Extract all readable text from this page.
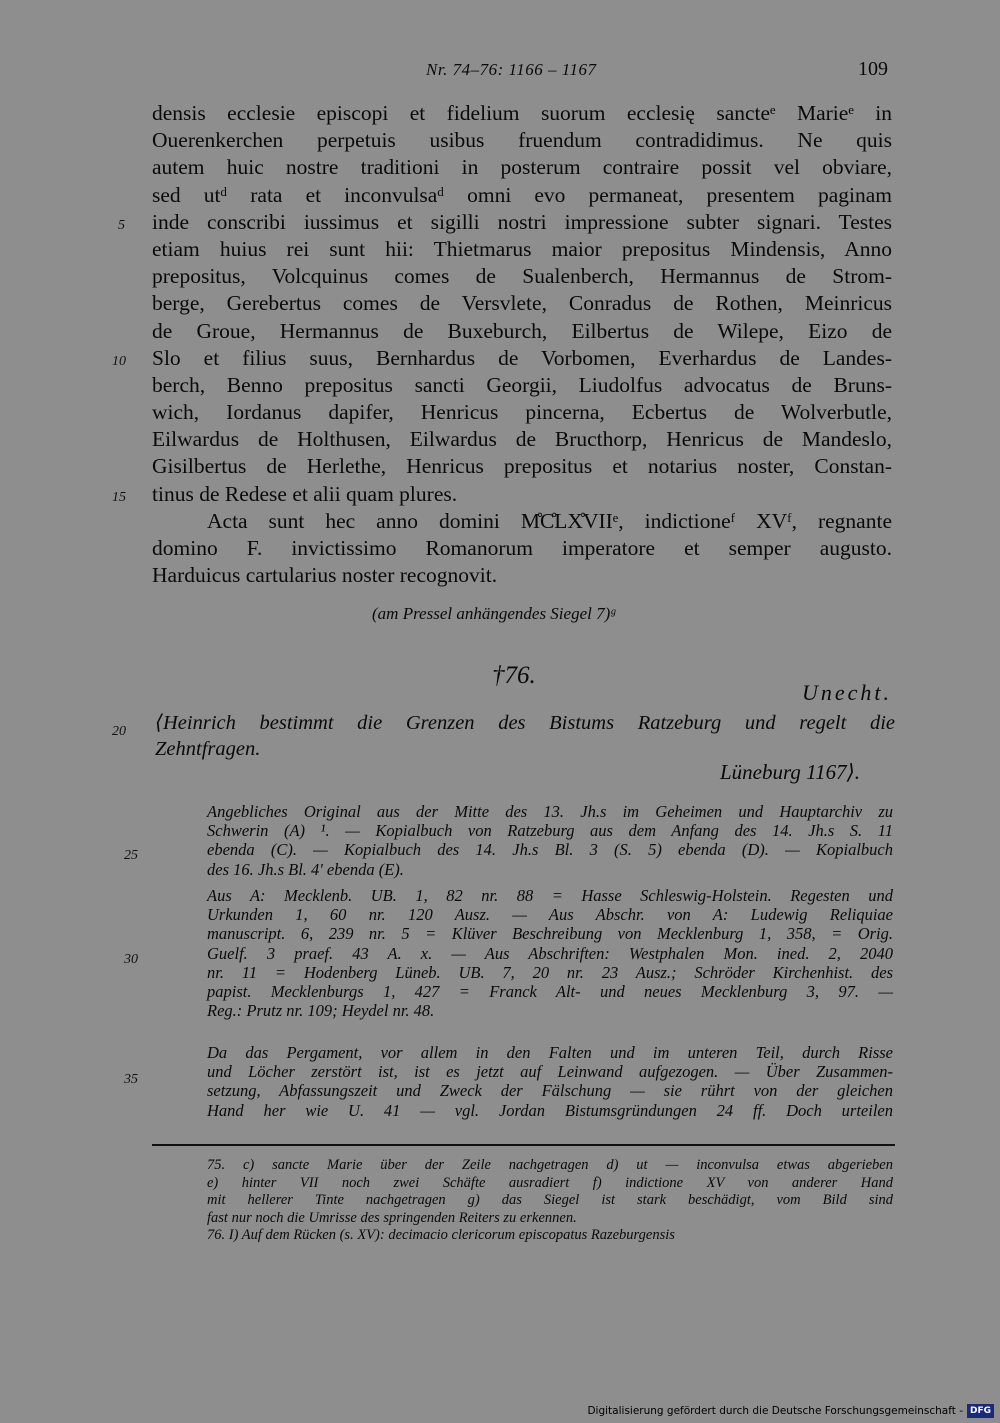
Nr. 74–76: 1166 – 1167	109
densis ecclesie episcopi et fidelium suorum ecclesię sancteᵉ Marieᵉ in
Ouerenkerchen perpetuis usibus fruendum contradidimus. Ne quis
autem huic nostre traditioni in posterum contraire possit vel obviare,
sed utᵈ rata et inconvulsaᵈ omni evo permaneat, presentem paginam
inde conscribi iussimus et sigilli nostri impressione subter signari. Testes
etiam huius rei sunt hii: Thietmarus maior prepositus Mindensis, Anno
prepositus, Volcquinus comes de Sualenberch, Hermannus de Strom-
berge, Gerebertus comes de Versvlete, Conradus de Rothen, Meinricus
de Groue, Hermannus de Buxeburch, Eilbertus de Wilepe, Eizo de
Slo et filius suus, Bernhardus de Vorbomen, Everhardus de Landes-
berch, Benno prepositus sancti Georgii, Liudolfus advocatus de Bruns-
wich, Iordanus dapifer, Henricus pincerna, Ecbertus de Wolverbutle,
Eilwardus de Holthusen, Eilwardus de Bructhorp, Henricus de Mandeslo,
Gisilbertus de Herlethe, Henricus prepositus et notarius noster, Constan-
tinus de Redese et alii quam plures.
Acta sunt hec anno domini M̊C̊LX̊VIIᵉ, indictioneᶠ XVᶠ, regnante
domino F. invictissimo Romanorum imperatore et semper augusto.
Harduicus cartularius noster recognovit.
5
10
15
(am Pressel anhängendes Siegel 7)ᵍ
†76.
Unecht.
20 ⟨Heinrich bestimmt die Grenzen des Bistums Ratzeburg und regelt die
Zehntfragen.
Lüneburg 1167⟩.
Angebliches Original aus der Mitte des 13. Jh.s im Geheimen und Hauptarchiv zu
Schwerin (A) ¹. — Kopialbuch von Ratzeburg aus dem Anfang des 14. Jh.s S. 11
ebenda (C). — Kopialbuch des 14. Jh.s Bl. 3 (S. 5) ebenda (D). — Kopialbuch
des 16. Jh.s Bl. 4ʹ ebenda (E).
Aus A: Mecklenb. UB. 1, 82 nr. 88 = Hasse Schleswig-Holstein. Regesten und
Urkunden 1, 60 nr. 120 Ausz. — Aus Abschr. von A: Ludewig Reliquiae
manuscript. 6, 239 nr. 5 = Klüver Beschreibung von Mecklenburg 1, 358, = Orig.
Guelf. 3 praef. 43 A. x. — Aus Abschriften: Westphalen Mon. ined. 2, 2040
nr. 11 = Hodenberg Lüneb. UB. 7, 20 nr. 23 Ausz.; Schröder Kirchenhist. des
papist. Mecklenburgs 1, 427 = Franck Alt- und neues Mecklenburg 3, 97. —
Reg.: Prutz nr. 109; Heydel nr. 48.
Da das Pergament, vor allem in den Falten und im unteren Teil, durch Risse
und Löcher zerstört ist, ist es jetzt auf Leinwand aufgezogen. — Über Zusammen-
setzung, Abfassungszeit und Zweck der Fälschung — sie rührt von der gleichen
Hand her wie U. 41 — vgl. Jordan Bistumsgründungen 24 ff. Doch urteilen
25
30
35
75. c) sancte Marie über der Zeile nachgetragen d) ut — inconvulsa etwas abgerieben
e) hinter VII noch zwei Schäfte ausradiert f) indictione XV von anderer Hand
mit hellerer Tinte nachgetragen g) das Siegel ist stark beschädigt, vom Bild sind
fast nur noch die Umrisse des springenden Reiters zu erkennen.
76. I) Auf dem Rücken (s. XV): decimacio clericorum episcopatus Razeburgensis
Digitalisierung gefördert durch die Deutsche Forschungsgemeinschaft - DFG
